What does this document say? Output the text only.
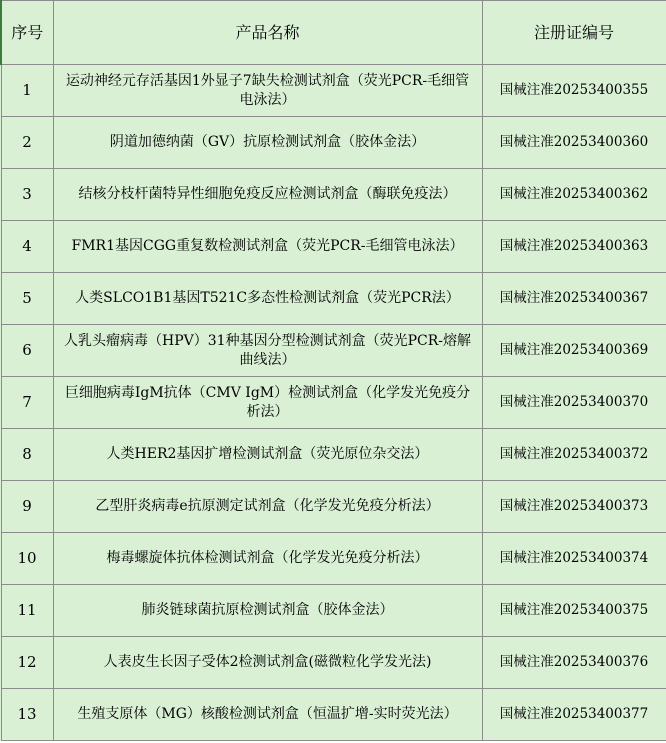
序号	产品名称	注册证编号
1	运动神经元存活基因1外显子7缺失检测试剂盒（荧光PCR-毛细管电泳法）	国械注准20253400355
2	阴道加德纳菌（GV）抗原检测试剂盒（胶体金法）	国械注准20253400360
3	结核分枝杆菌特异性细胞免疫反应检测试剂盒（酶联免疫法）	国械注准20253400362
4	FMR1基因CGG重复数检测试剂盒（荧光PCR-毛细管电泳法）	国械注准20253400363
5	人类SLCO1B1基因T521C多态性检测试剂盒（荧光PCR法）	国械注准20253400367
6	人乳头瘤病毒（HPV）31种基因分型检测试剂盒（荧光PCR-熔解曲线法）	国械注准20253400369
7	巨细胞病毒IgM抗体（CMV IgM）检测试剂盒（化学发光免疫分析法）	国械注准20253400370
8	人类HER2基因扩增检测试剂盒（荧光原位杂交法）	国械注准20253400372
9	乙型肝炎病毒e抗原测定试剂盒（化学发光免疫分析法）	国械注准20253400373
10	梅毒螺旋体抗体检测试剂盒（化学发光免疫分析法）	国械注准20253400374
11	肺炎链球菌抗原检测试剂盒（胶体金法）	国械注准20253400375
12	人表皮生长因子受体2检测试剂盒(磁微粒化学发光法)	国械注准20253400376
13	生殖支原体（MG）核酸检测试剂盒（恒温扩增-实时荧光法）	国械注准20253400377
